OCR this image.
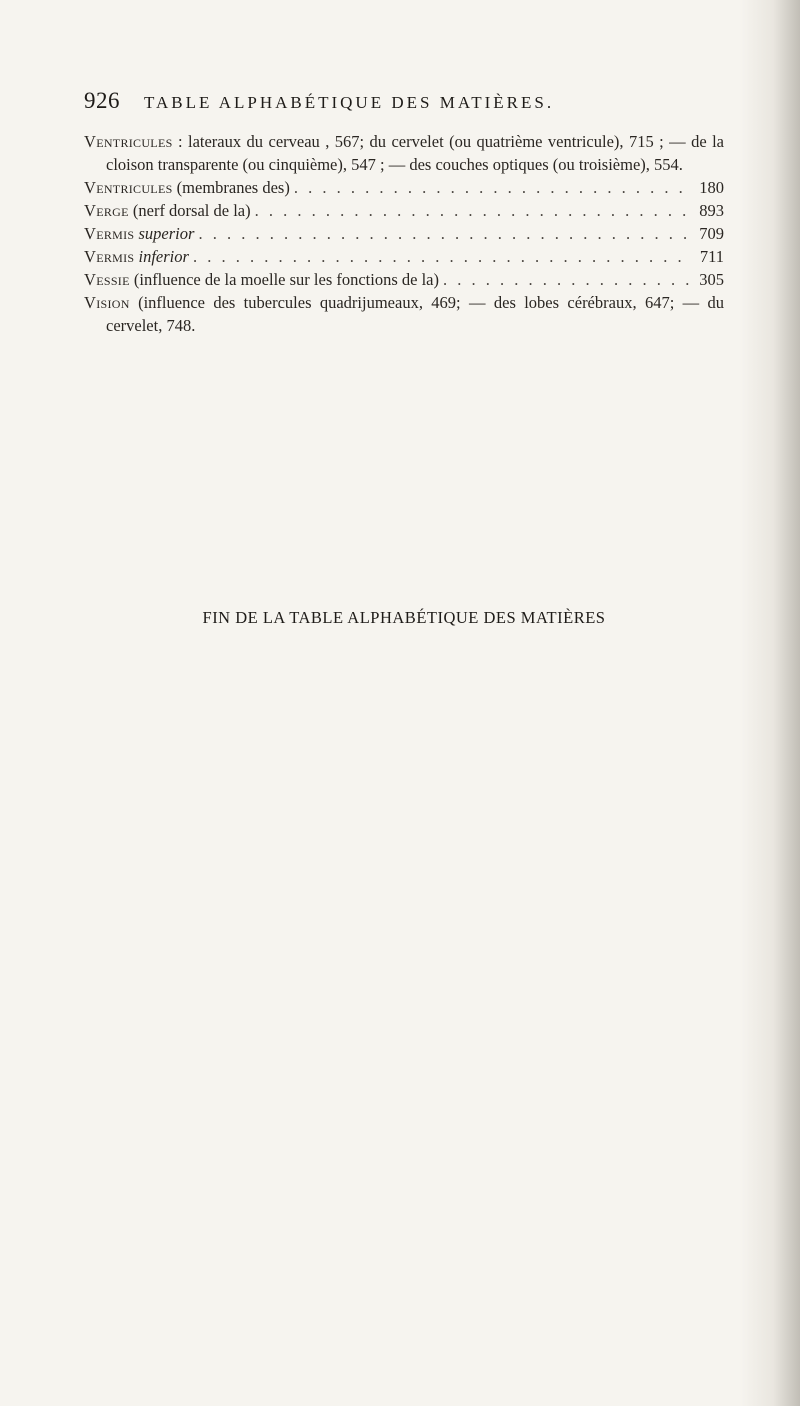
926 TABLE ALPHABÉTIQUE DES MATIÈRES.

Ventricules : lateraux du cerveau , 567; du cervelet (ou quatrième ventricule), 715 ; — de la cloison transparente (ou cinquième), 547 ; — des couches optiques (ou troisième), 554.

Ventricules (membranes des) . . .	180
Verge (nerf dorsal de la) . . .	893
Vermis superior . . .	709
Vermis inferior . . .	711
Vessie (influence de la moelle sur les fonctions de la) . . .	305

Vision (influence des tubercules quadrijumeaux, 469; — des lobes cérébraux, 647; — du cervelet, 748.

FIN DE LA TABLE ALPHABÉTIQUE DES MATIÈRES
